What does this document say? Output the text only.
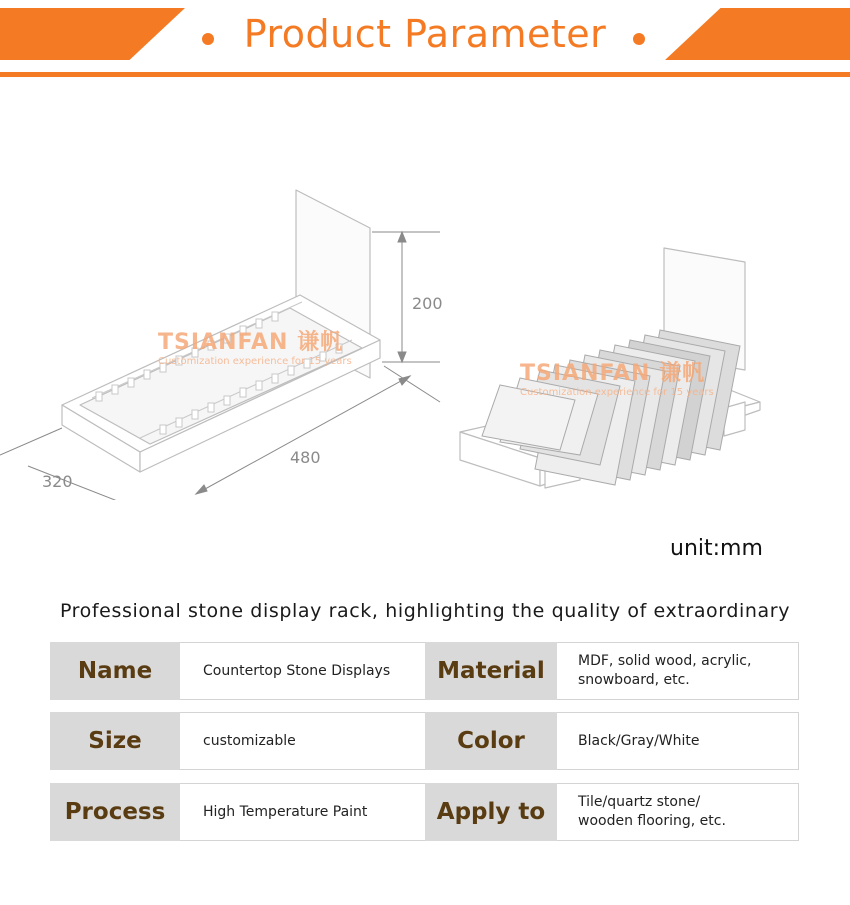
Product Parameter
200
480
320
TSIANFAN 谦帆
Customization experience for 15 years	TSIANFAN 谦帆
Customization experience for 15 years
unit:mm
Professional stone display rack, highlighting the quality of extraordinary
Name	Countertop Stone Displays	Material	MDF, solid wood, acrylic,
snowboard, etc.
Size	customizable	Color	Black/Gray/White
Process	High Temperature Paint	Apply to	Tile/quartz stone/
wooden flooring, etc.
